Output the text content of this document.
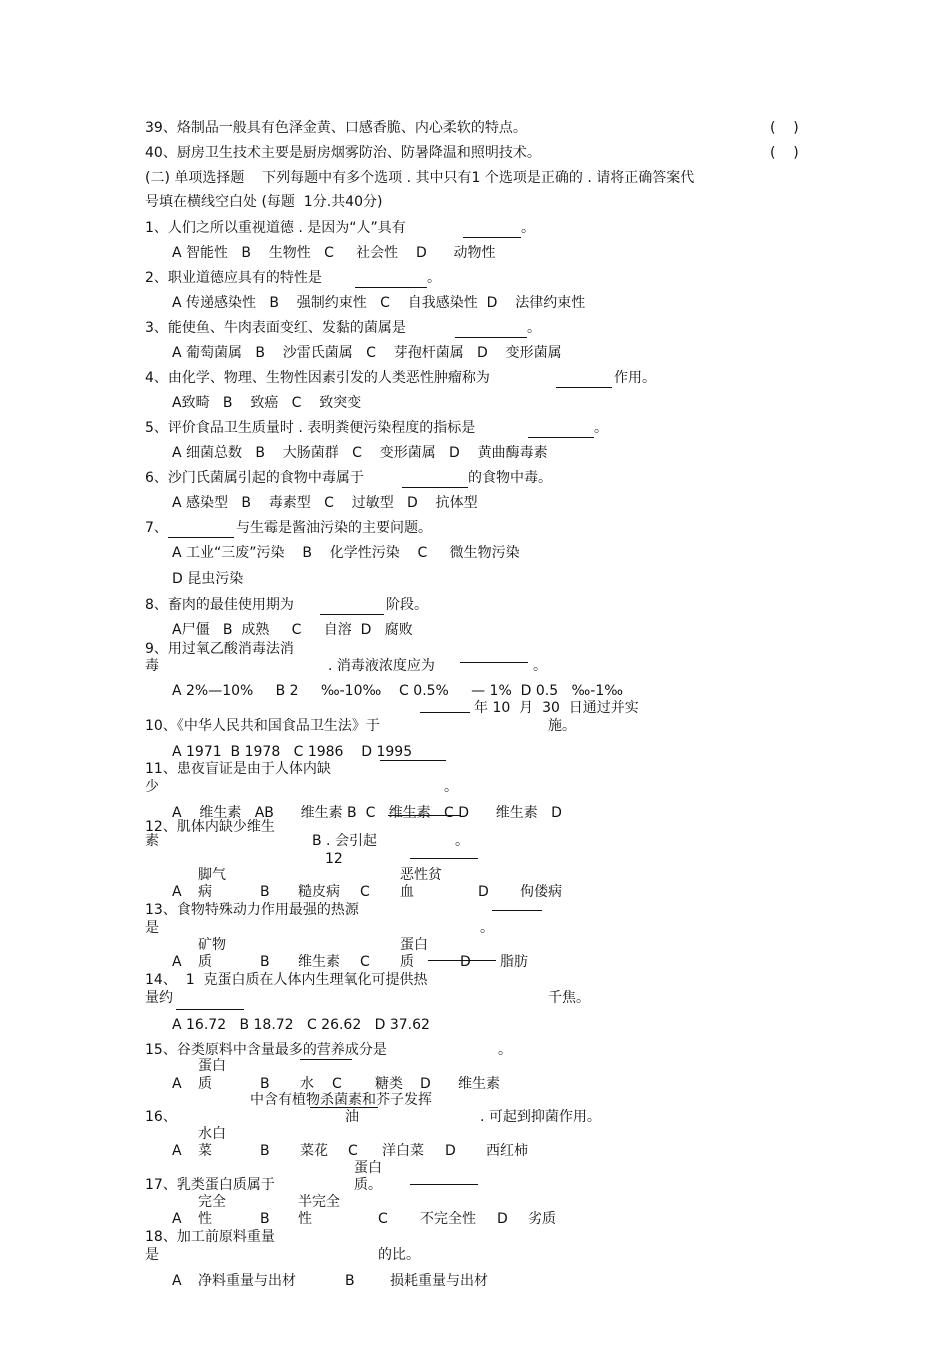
39、烙制品一般具有色泽金黄、口感香脆、内心柔软的特点。	(    )
40、厨房卫生技术主要是厨房烟雾防治、防暑降温和照明技术。	(    )
(二) 单项选择题    下列每题中有多个选项 . 其中只有1 个选项是正确的 . 请将正确答案代
号填在横线空白处 (每题  1分.共40分)
1、人们之所以重视道德 . 是因为“人”具有	。
A 智能性   B    生物性   C     社会性    D      动物性
2、职业道德应具有的特性是	。
A 传递感染性   B    强制约束性   C    自我感染性  D    法律约束性
3、能使鱼、牛肉表面变红、发黏的菌属是	。
A 葡萄菌属   B    沙雷氏菌属   C    芽孢杆菌属   D    变形菌属
4、由化学、物理、生物性因素引发的人类恶性肿瘤称为	作用。
A致畸   B    致癌   C    致突变
5、评价食品卫生质量时 . 表明粪便污染程度的指标是	。
A 细菌总数   B    大肠菌群   C    变形菌属   D    黄曲酶毒素
6、沙门氏菌属引起的食物中毒属于	的食物中毒。
A 感染型   B    毒素型   C    过敏型   D    抗体型
7、	与生霉是酱油污染的主要问题。
A 工业“三废”污染    B    化学性污染    C     微生物污染
D 昆虫污染
8、畜肉的最佳使用期为	阶段。
A尸僵   B  成熟     C     自溶  D   腐败
9、用过氧乙酸消毒法消
毒	. 消毒液浓度应为	。
A 2%—10%     B 2     ‰-10‰    C 0.5%     — 1%  D 0.5   ‰-1‰
年 10  月  30  日通过并实
10、《中华人民共和国食品卫生法》于	施。
A 1971  B 1978   C 1986    D 1995
11、患夜盲证是由于人体内缺
少	。
A    维生素   AB      维生素 B  C   维生素   C D      维生素   D
12、肌体内缺少维生
素	B . 会引起	。
12
脚气	恶性贫
A 病	B 糙皮病 C 血	D 佝偻病
13、食物特殊动力作用最强的热源
是	。
矿物	蛋白
A 质	B 维生素 C 质	D 脂肪
14、  1  克蛋白质在人体内生理氧化可提供热
量约	千焦。
A 16.72   B 18.72   C 26.62   D 37.62
15、谷类原料中含量最多的营养成分是	。
蛋白
A 质	B 水 C 糖类 D 维生素
中含有植物杀菌素和芥子发挥
16、	油	. 可起到抑菌作用。
水白
A 菜	B 菜花 C 洋白菜 D 西红柿
蛋白
17、乳类蛋白质属于	质。
完全	半完全
A 性	B 性	C 不完全性 D 劣质
18、加工前原料重量
是	的比。
A 净料重量与出材	B	损耗重量与出材
